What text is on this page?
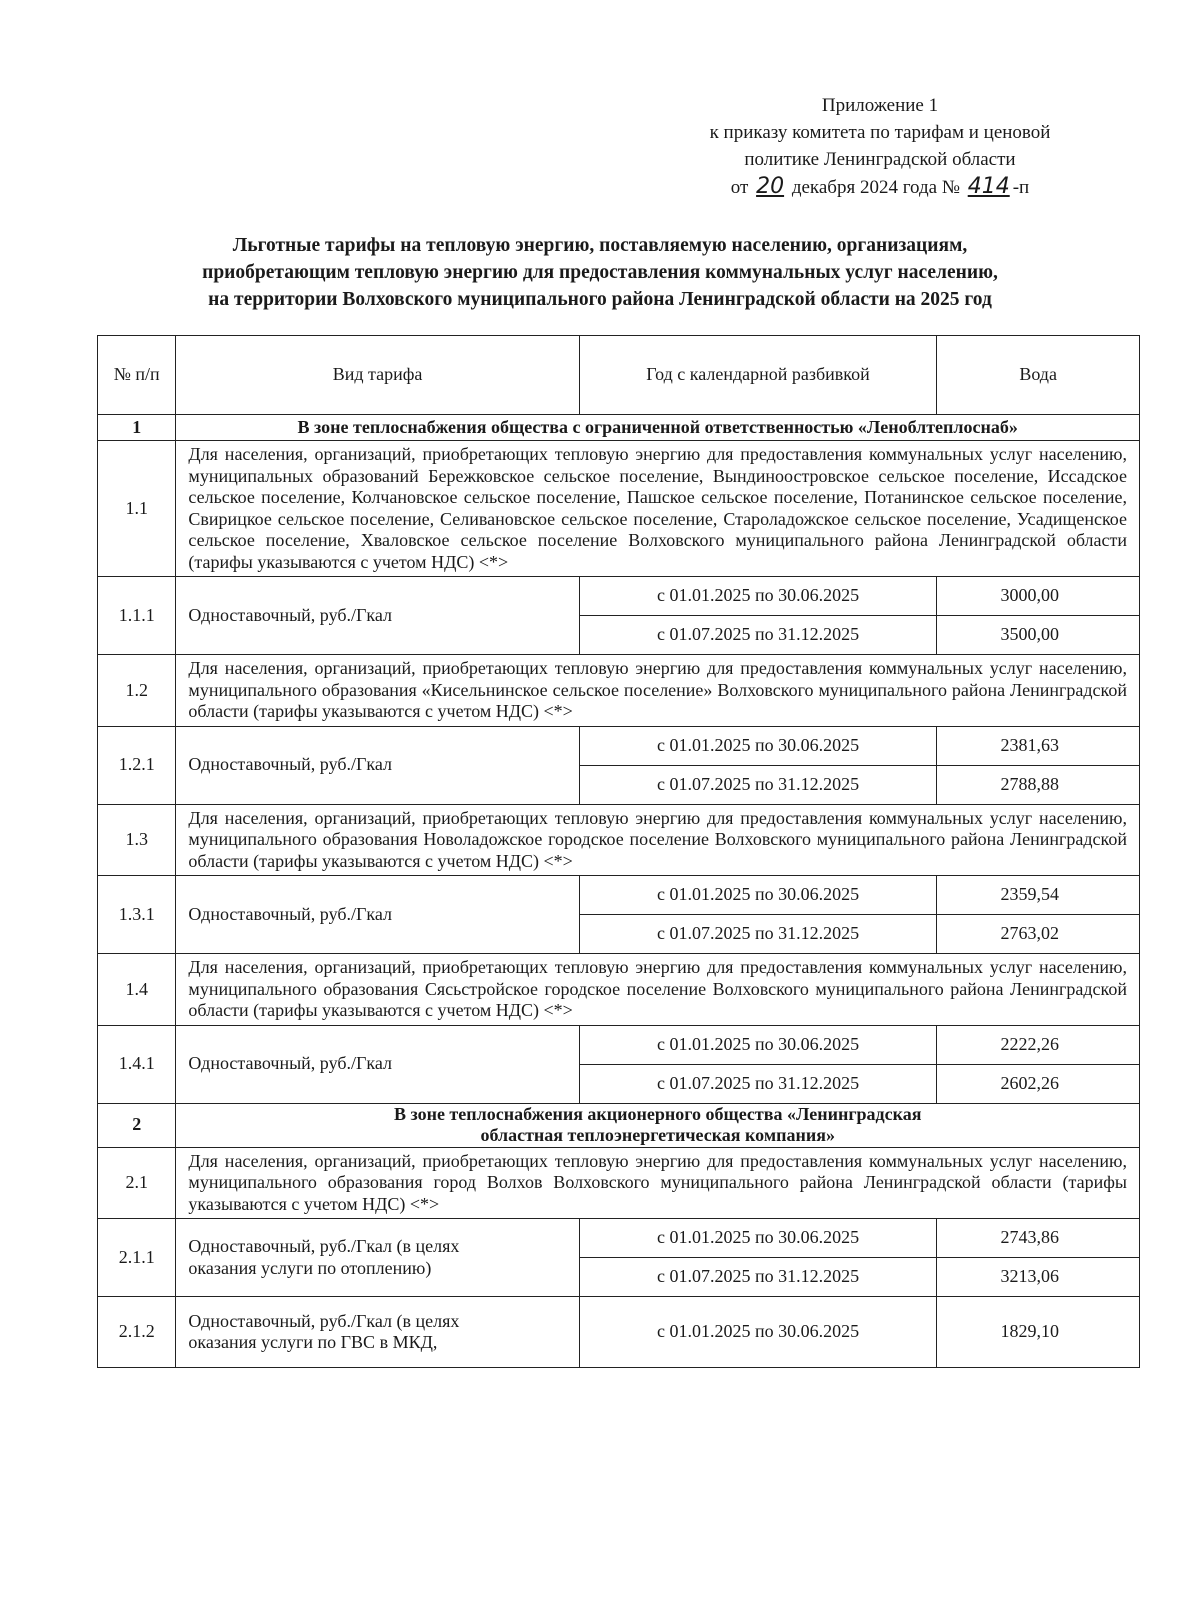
Приложение 1
к приказу комитета по тарифам и ценовой
политике Ленинградской области
от 20 декабря 2024 года № 414 -п
Льготные тарифы на тепловую энергию, поставляемую населению, организациям,
приобретающим тепловую энергию для предоставления коммунальных услуг населению,
на территории Волховского муниципального района Ленинградской области на 2025 год
№ п/п	Вид тарифа	Год с календарной разбивкой	Вода
1	В зоне теплоснабжения общества с ограниченной ответственностью «Леноблтеплоснаб»		
1.1	Для населения, организаций, приобретающих тепловую энергию для предоставления коммунальных услуг населению, муниципальных образований Бережковское сельское поселение, Вындиноостровское сельское поселение, Иссадское сельское поселение, Колчановское сельское поселение, Пашское сельское поселение, Потанинское сельское поселение, Свирицкое сельское поселение, Селивановское сельское поселение, Староладожское сельское поселение, Усадищенское сельское поселение, Хваловское сельское поселение Волховского муниципального района Ленинградской области (тарифы указываются с учетом НДС) <*>		
1.1.1	Одноставочный, руб./Гкал	с 01.01.2025 по 30.06.2025	3000,00
		с 01.07.2025 по 31.12.2025	3500,00
1.2	Для населения, организаций, приобретающих тепловую энергию для предоставления коммунальных услуг населению, муниципального образования «Кисельнинское сельское поселение» Волховского муниципального района Ленинградской области (тарифы указываются с учетом НДС) <*>		
1.2.1	Одноставочный, руб./Гкал	с 01.01.2025 по 30.06.2025	2381,63
		с 01.07.2025 по 31.12.2025	2788,88
1.3	Для населения, организаций, приобретающих тепловую энергию для предоставления коммунальных услуг населению, муниципального образования Новоладожское городское поселение Волховского муниципального района Ленинградской области (тарифы указываются с учетом НДС) <*>		
1.3.1	Одноставочный, руб./Гкал	с 01.01.2025 по 30.06.2025	2359,54
		с 01.07.2025 по 31.12.2025	2763,02
1.4	Для населения, организаций, приобретающих тепловую энергию для предоставления коммунальных услуг населению, муниципального образования Сясьстройское городское поселение Волховского муниципального района Ленинградской области (тарифы указываются с учетом НДС) <*>		
1.4.1	Одноставочный, руб./Гкал	с 01.01.2025 по 30.06.2025	2222,26
		с 01.07.2025 по 31.12.2025	2602,26
2	В зоне теплоснабжения акционерного общества «Ленинградская областная теплоэнергетическая компания»		
2.1	Для населения, организаций, приобретающих тепловую энергию для предоставления коммунальных услуг населению, муниципального образования город Волхов Волховского муниципального района Ленинградской области (тарифы указываются с учетом НДС) <*>		
2.1.1	Одноставочный, руб./Гкал (в целях оказания услуги по отоплению)	с 01.01.2025 по 30.06.2025	2743,86
		с 01.07.2025 по 31.12.2025	3213,06
2.1.2	Одноставочный, руб./Гкал (в целях оказания услуги по ГВС в МКД,	с 01.01.2025 по 30.06.2025	1829,10
